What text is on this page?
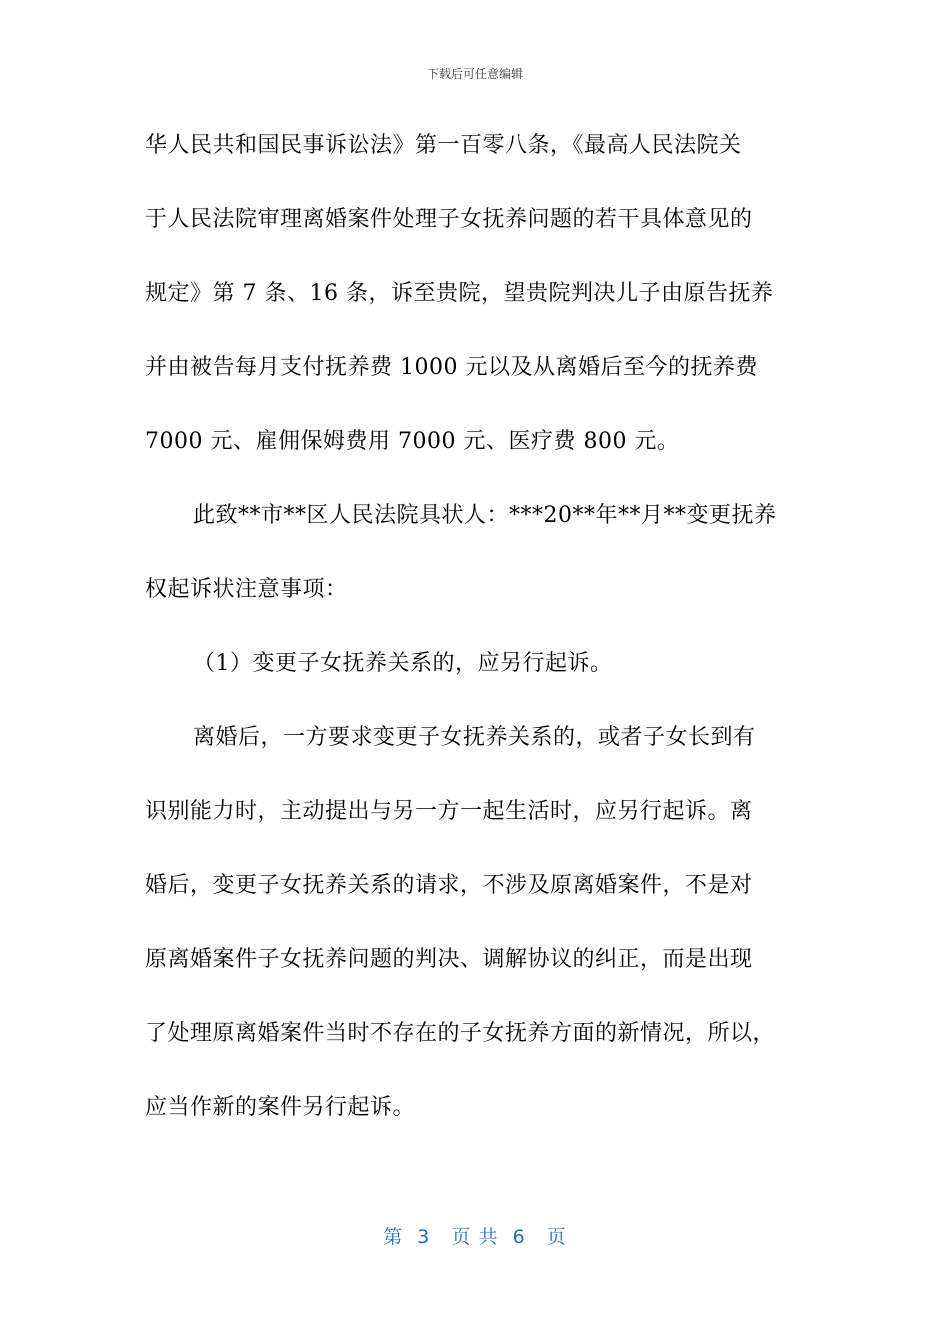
下载后可任意编辑
华人民共和国民事诉讼法》第一百零八条，《最高人民法院关
于人民法院审理离婚案件处理子女抚养问题的若干具体意见的
规定》第 7 条、16 条，诉至贵院，望贵院判决儿子由原告抚养
并由被告每月支付抚养费 1000 元以及从离婚后至今的抚养费
7000 元、雇佣保姆费用 7000 元、医疗费 800 元。
此致**市**区人民法院具状人：***20**年**月**变更抚养
权起诉状注意事项：
（1）变更子女抚养关系的，应另行起诉。
离婚后，一方要求变更子女抚养关系的，或者子女长到有
识别能力时，主动提出与另一方一起生活时，应另行起诉。离
婚后，变更子女抚养关系的请求，不涉及原离婚案件，不是对
原离婚案件子女抚养问题的判决、调解协议的纠正，而是出现
了处理原离婚案件当时不存在的子女抚养方面的新情况，所以，
应当作新的案件另行起诉。
第  3   页 共  6   页
